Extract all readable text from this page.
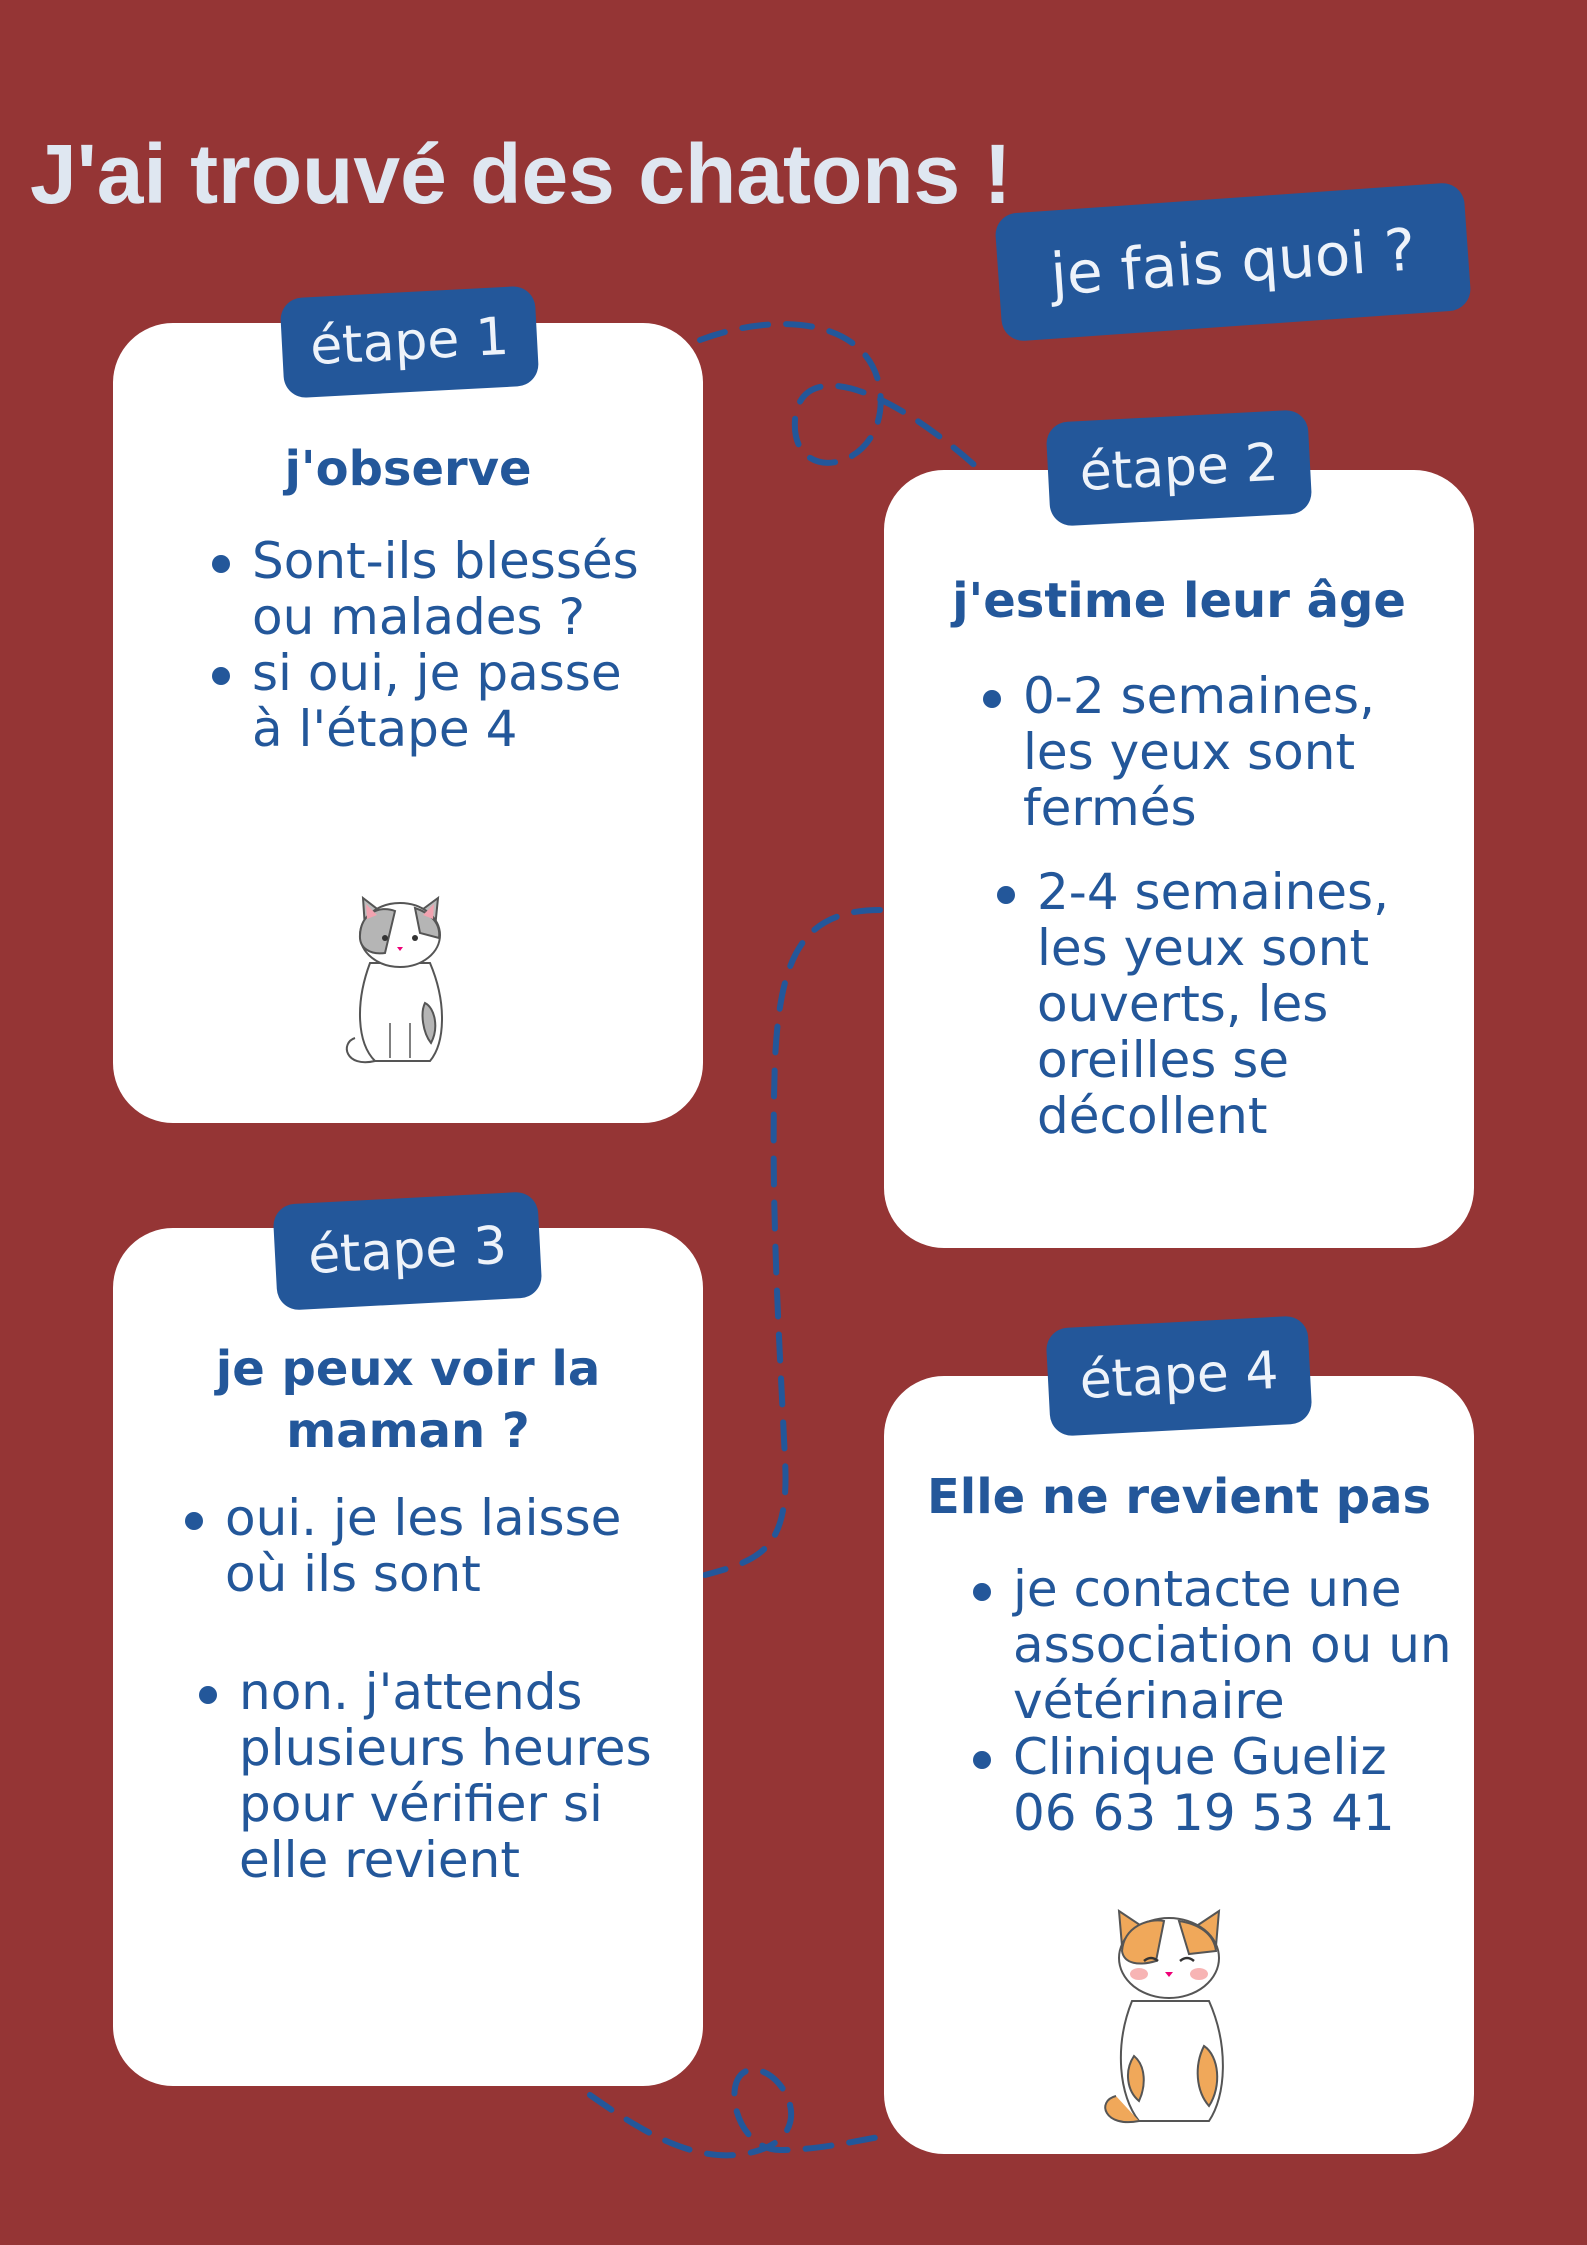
J'ai trouvé des chatons !
je fais quoi ?
j'observe
Sont-ils blessés ou malades ?
si oui, je passe à l'étape 4
étape 1
j'estime leur âge
0-2 semaines, les yeux sont fermés
2-4 semaines, les yeux sont ouverts, les oreilles se décollent
étape 2
je peux voir la maman ?
oui. je les laisse où ils sont
non. j'attends plusieurs heures pour vérifier si elle revient
étape 3
Elle ne revient pas
je contacte une association ou un vétérinaire
Clinique Gueliz 06 63 19 53 41
étape 4
